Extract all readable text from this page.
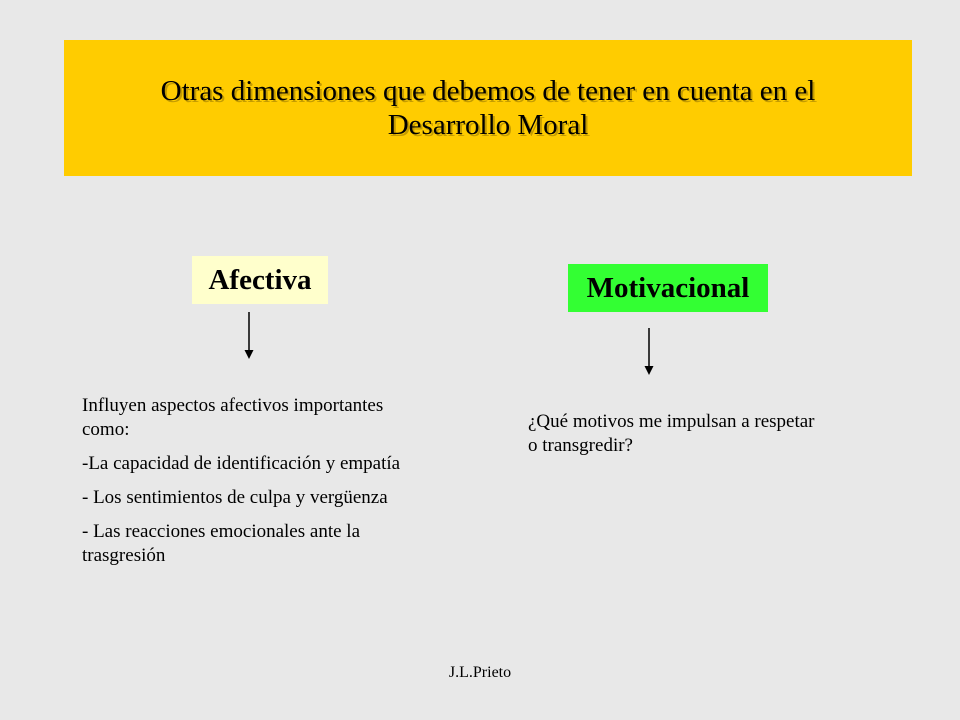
Otras dimensiones que debemos de tener en cuenta en el
Desarrollo Moral
Afectiva	Motivacional

Influyen aspectos afectivos importantes como:

-La capacidad de identificación y empatía

- Los sentimientos de culpa y vergüenza

- Las reacciones emocionales ante la trasgresión

¿Qué motivos me impulsan a respetar o transgredir?

J.L.Prieto
